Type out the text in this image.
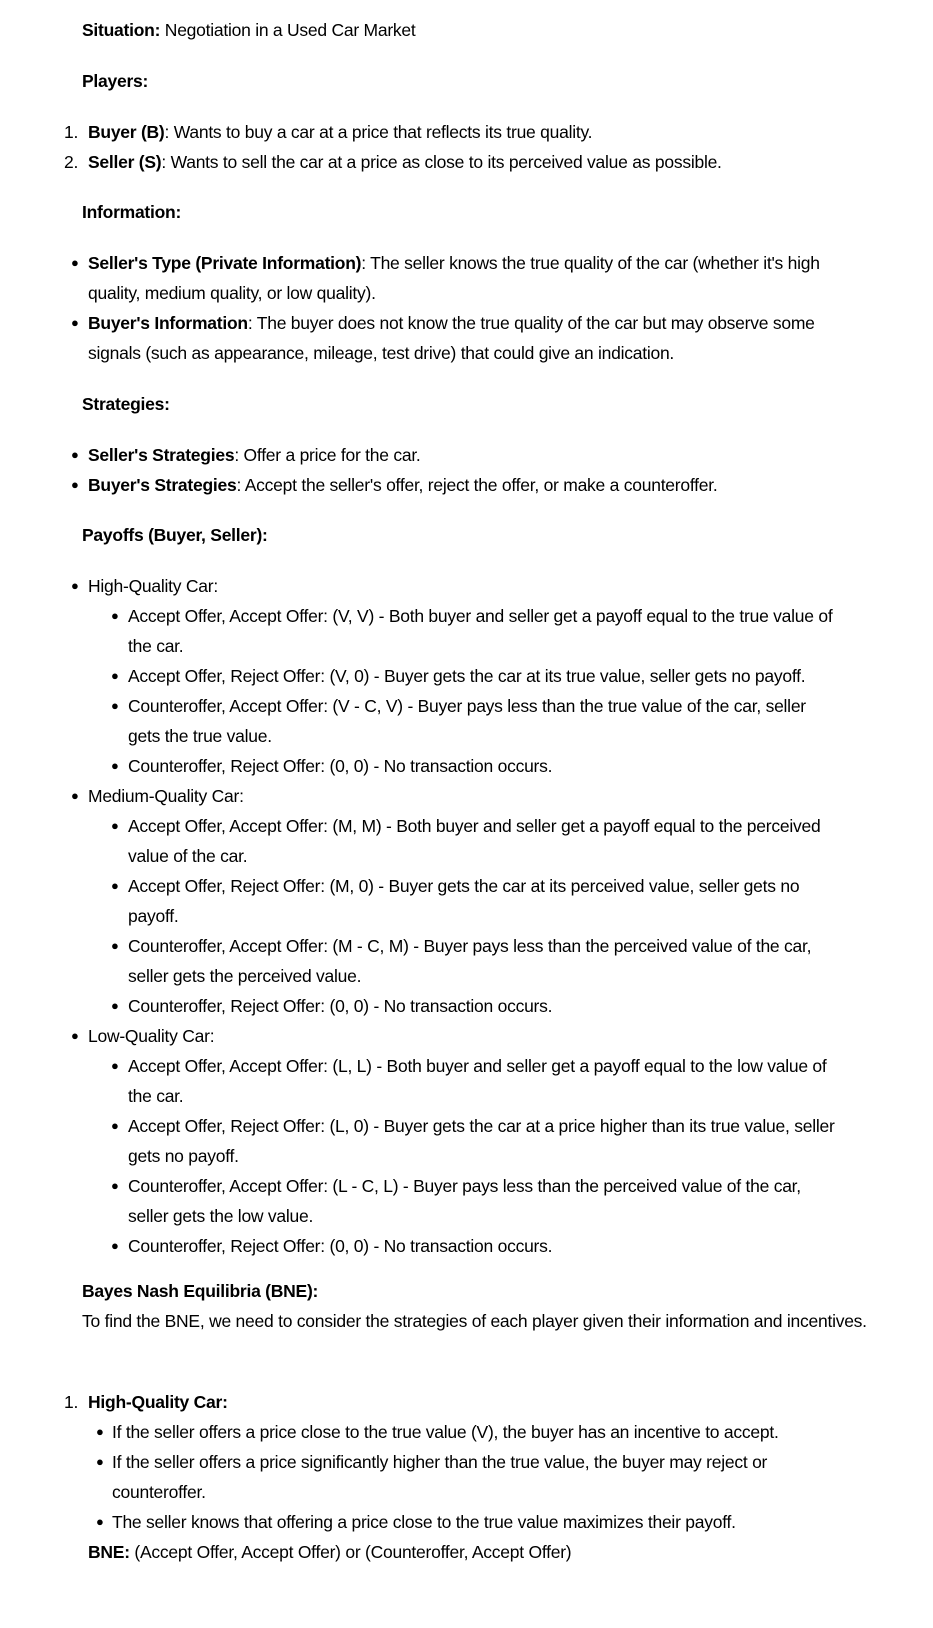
Situation: Negotiation in a Used Car Market

Players:

1. Buyer (B): Wants to buy a car at a price that reflects its true quality.

2. Seller (S): Wants to sell the car at a price as close to its perceived value as possible.

Information:

● Seller's Type (Private Information): The seller knows the true quality of the car (whether it's high quality, medium quality, or low quality).

● Buyer's Information: The buyer does not know the true quality of the car but may observe some signals (such as appearance, mileage, test drive) that could give an indication.

Strategies:

● Seller's Strategies: Offer a price for the car.

● Buyer's Strategies: Accept the seller's offer, reject the offer, or make a counteroffer.

Payoffs (Buyer, Seller):

● High-Quality Car:

● Accept Offer, Accept Offer: (V, V) - Both buyer and seller get a payoff equal to the true value of the car.

● Accept Offer, Reject Offer: (V, 0) - Buyer gets the car at its true value, seller gets no payoff.

● Counteroffer, Accept Offer: (V - C, V) - Buyer pays less than the true value of the car, seller gets the true value.

● Counteroffer, Reject Offer: (0, 0) - No transaction occurs.

● Medium-Quality Car:

● Accept Offer, Accept Offer: (M, M) - Both buyer and seller get a payoff equal to the perceived value of the car.

● Accept Offer, Reject Offer: (M, 0) - Buyer gets the car at its perceived value, seller gets no payoff.

● Counteroffer, Accept Offer: (M - C, M) - Buyer pays less than the perceived value of the car, seller gets the perceived value.

● Counteroffer, Reject Offer: (0, 0) - No transaction occurs.

● Low-Quality Car:

● Accept Offer, Accept Offer: (L, L) - Both buyer and seller get a payoff equal to the low value of the car.

● Accept Offer, Reject Offer: (L, 0) - Buyer gets the car at a price higher than its true value, seller gets no payoff.

● Counteroffer, Accept Offer: (L - C, L) - Buyer pays less than the perceived value of the car, seller gets the low value.

● Counteroffer, Reject Offer: (0, 0) - No transaction occurs.

Bayes Nash Equilibria (BNE):

To find the BNE, we need to consider the strategies of each player given their information and incentives.

1. High-Quality Car:

● If the seller offers a price close to the true value (V), the buyer has an incentive to accept.

● If the seller offers a price significantly higher than the true value, the buyer may reject or counteroffer.

● The seller knows that offering a price close to the true value maximizes their payoff.

BNE: (Accept Offer, Accept Offer) or (Counteroffer, Accept Offer)
